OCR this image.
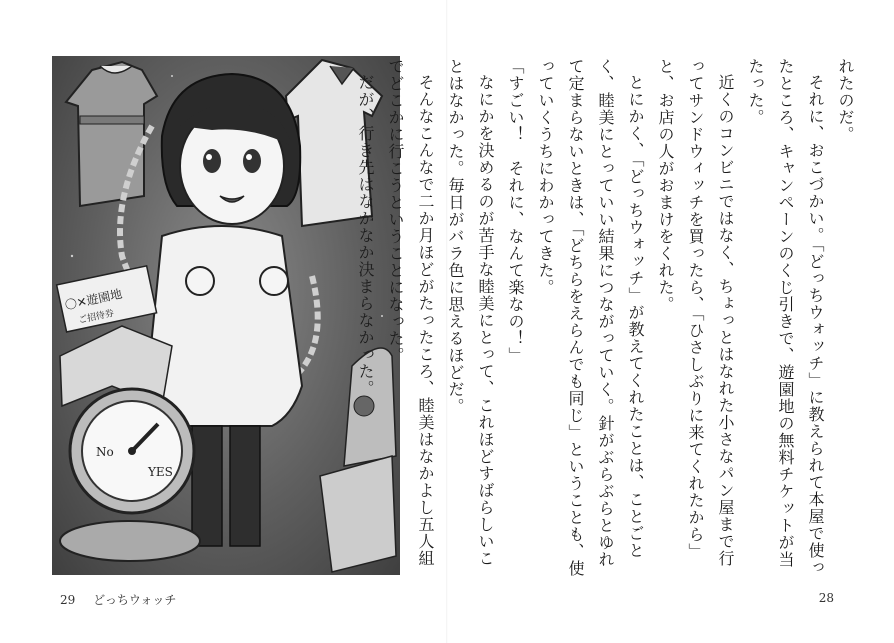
〇✕遊園地
ご招待券
No
YES

れたのだ。

それに、おこづかい。「どっちウォッチ」に教えられて本屋で使ったところ、キャンペーンのくじ引きで、遊園地の無料チケットが当たった。

近くのコンビニではなく、ちょっとはなれた小さなパン屋まで行ってサンドウィッチを買ったら、「ひさしぶりに来てくれたから」と、お店の人がおまけをくれた。

とにかく、「どっちウォッチ」が教えてくれたことは、ことごとく、睦美にとっていい結果につながっていく。針がぶらぶらとゆれて定まらないときは、「どちらをえらんでも同じ」ということも、使っていくうちにわかってきた。

「すごい！　それに、なんて楽なの！」

なにかを決めるのが苦手な睦美にとって、これほどすばらしいことはなかった。毎日がバラ色に思えるほどだ。

そんなこんなで二か月ほどがたったころ、睦美はなかよし五人組でどこかに行こうということになった。

だが、行き先はなかなか決まらなかった。

29 どっちウォッチ	28
